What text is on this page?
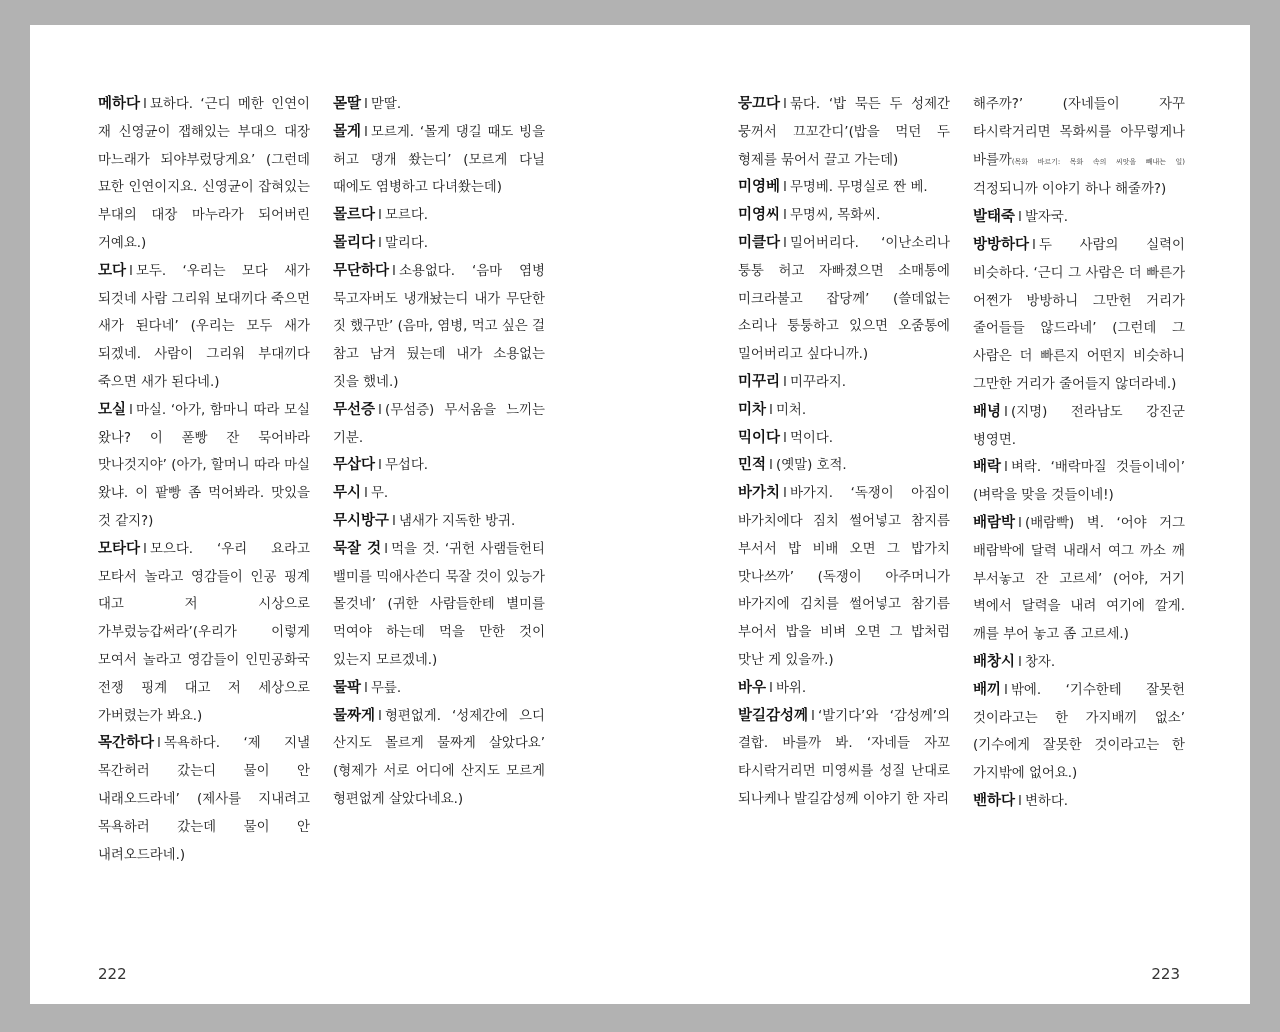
메하다 I 묘하다. ‘근디 메한 인연이 재 신영균이 잽해있는 부대으 대장 마느래가 되야부렀당게요’ (그런데 묘한 인연이지요. 신영균이 잡혀있는 부대의 대장 마누라가 되어버린 거예요.)

모다 I 모두. ‘우리는 모다 새가 되것네 사람 그리워 보대끼다 죽으먼 새가 된다네’ (우리는 모두 새가 되겠네. 사람이 그리워 부대끼다 죽으면 새가 된다네.)

모실 I 마실. ‘아가, 함마니 따라 모실 왔나? 이 폳빵 잔 묵어바라 맛나것지야’ (아가, 할머니 따라 마실 왔냐. 이 팥빵 좀 먹어봐라. 맛있을 것 같지?)

모타다 I 모으다. ‘우리 요라고 모타서 놀라고 영감들이 인공 핑계 대고 저 시상으로 가부렀능갑써라’(우리가 이렇게 모여서 놀라고 영감들이 인민공화국 전쟁 핑계 대고 저 세상으로 가버렸는가 봐요.)

목간하다 I 목욕하다. ‘제 지낼 목간허러 갔는디 물이 안 내래오드라네’ (제사를 지내려고 목욕하러 갔는데 물이 안 내려오드라네.)

몯딸 I 맏딸.

몰게 I 모르게. ‘몰게 댕길 때도 빙을 허고 댕개 쐈는디’ (모르게 다닐 때에도 염병하고 다녀쐈는데)

몰르다 I 모르다.

몰리다 I 말리다.

무단하다 I 소용없다. ‘음마 염병 묵고자버도 냉개놨는디 내가 무단한 짓 했구만’ (음마, 염병, 먹고 싶은 걸 참고 남겨 뒀는데 내가 소용없는 짓을 했네.)

무선증 I (무섬증) 무서움을 느끼는 기분.

무삽다 I 무섭다.

무시 I 무.

무시방구 I 냄새가 지독한 방귀.

묵잘 것 I 먹을 것. ‘귀헌 사램들헌티 밸미를 믹애사쓴디 묵잘 것이 있능가 몰것네’ (귀한 사람들한테 별미를 먹여야 하는데 먹을 만한 것이 있는지 모르겠네.)

물팍 I 무릎.

물짜게 I 형편없게. ‘성제간에 으디 산지도 몰르게 물짜게 살았다요’ (형제가 서로 어디에 산지도 모르게 형편없게 살았다네요.)

뭉끄다 I 묶다. ‘밥 묵든 두 성제간 뭉꺼서 끄꼬간디’(밥을 먹던 두 형제를 묶어서 끌고 가는데)

미영베 I 무명베. 무명실로 짠 베.

미영씨 I 무명씨, 목화씨.

미클다 I 밀어버리다. ‘이난소리나 퉁퉁 허고 자빠졌으면 소매통에 미크라불고 잡당께’ (쓸데없는 소리나 퉁퉁하고 있으면 오줌통에 밀어버리고 싶다니까.)

미꾸리 I 미꾸라지.

미차 I 미처.

믹이다 I 먹이다.

민적 I (옛말) 호적.

바가치 I 바가지. ‘독쟁이 아짐이 바가치에다 짐치 썰어넣고 참지름 부서서 밥 비배 오면 그 밥가치 맛나쓰까’ (독쟁이 아주머니가 바가지에 김치를 썰어넣고 참기름 부어서 밥을 비벼 오면 그 밥처럼 맛난 게 있을까.)

바우 I 바위.

발길감성께 I ‘발기다’와 ‘감성께’의 결합. 바를까 봐. ‘자네들 자꼬 타시락거리먼 미영씨를 성질 난대로 되나케나 발길감성께 이야기 한 자리

해주까?’ (자네들이 자꾸 타시락거리면 목화씨를 아무렇게나 바를까(목화 바르기: 목화 속의 씨앗을 빼내는 일) 걱정되니까 이야기 하나 해줄까?)

발태죽 I 발자국.

방방하다 I 두 사람의 실력이 비슷하다. ‘근디 그 사람은 더 빠른가 어쩐가 방방하니 그만헌 거리가 줄어들들 않드라네’ (그런데 그 사람은 더 빠른지 어떤지 비슷하니 그만한 거리가 줄어들지 않더라네.)

배녕 I (지명) 전라남도 강진군 병영면.

배락 I 벼락. ‘배락마질 것들이네이’ (벼락을 맞을 것들이네!)

배람박 I (배람빡) 벽. ‘어야 거그 배람박에 달력 내래서 여그 까소 깨 부서놓고 잔 고르세’ (어야, 거기 벽에서 달력을 내려 여기에 깔게. 깨를 부어 놓고 좀 고르세.)

배창시 I 창자.

배끼 I 밖에. ‘기수한테 잘못헌 것이라고는 한 가지배끼 없소’ (기수에게 잘못한 것이라고는 한 가지밖에 없어요.)

밴하다 I 변하다.

222	223
